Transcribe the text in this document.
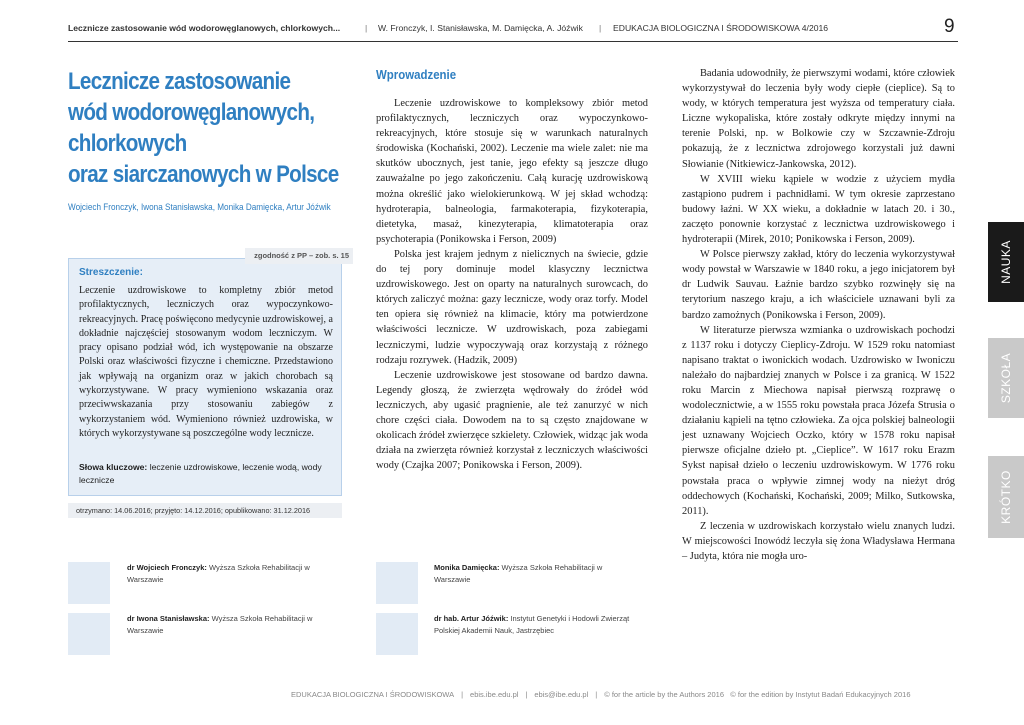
Lecznicze zastosowanie wód wodorowęglanowych, chlorkowych...	| W. Fronczyk, I. Stanisławska, M. Damięcka, A. Jóźwik | EDUKACJA BIOLOGICZNA I ŚRODOWISKOWA 4/2016	9
Lecznicze zastosowanie
wód wodorowęglanowych,
chlorkowych
oraz siarczanowych w Polsce
Wojciech Fronczyk, Iwona Stanisławska, Monika Damięcka, Artur Jóźwik
Streszczenie:
Leczenie uzdrowiskowe to kompletny zbiór metod profilaktycznych, leczniczych oraz wypoczynkowo-rekreacyjnych. Pracę poświęcono medycynie uzdrowiskowej, a dokładnie najczęściej stosowanym wodom leczniczym. W pracy opisano podział wód, ich występowanie na obszarze Polski oraz właściwości fizyczne i chemiczne. Przedstawiono jak wpływają na organizm oraz w jakich chorobach są wykorzystywane. W pracy wymieniono wskazania oraz przeciwwskazania przy stosowaniu zabiegów z wykorzystaniem wód. Wymieniono również uzdrowiska, w których wykorzystywane są poszczególne wody lecznicze.
Słowa kluczowe: leczenie uzdrowiskowe, leczenie wodą, wody lecznicze
zgodność z PP – zob. s. 15
otrzymano: 14.06.2016; przyjęto: 14.12.2016; opublikowano: 31.12.2016
dr Wojciech Fronczyk: Wyższa Szkoła Rehabilitacji w Warszawie
dr Iwona Stanisławska: Wyższa Szkoła Rehabilitacji w Warszawie
Monika Damięcka: Wyższa Szkoła Rehabilitacji w Warszawie
dr hab. Artur Jóźwik: Instytut Genetyki i Hodowli Zwierząt Polskiej Akademii Nauk, Jastrzębiec
Wprowadzenie

Leczenie uzdrowiskowe to kompleksowy zbiór metod profilaktycznych, leczniczych oraz wypoczynkowo-rekreacyjnych, które stosuje się w warunkach naturalnych środowiska (Kochański, 2002). Leczenie ma wiele zalet: nie ma skutków ubocznych, jest tanie, jego efekty są jeszcze długo zauważalne po jego zakończeniu. Całą kurację uzdrowiskową można określić jako wielokierunkową. W jej skład wchodzą: hydroterapia, balneologia, farmakoterapia, fizykoterapia, dietetyka, masaż, kinezyterapia, klimatoterapia oraz psychoterapia (Ponikowska i Ferson, 2009)

Polska jest krajem jednym z nielicznych na świecie, gdzie do tej pory dominuje model klasyczny lecznictwa uzdrowiskowego. Jest on oparty na naturalnych surowcach, do których zaliczyć można: gazy lecznicze, wody oraz torfy. Model ten opiera się również na klimacie, który ma potwierdzone właściwości lecznicze. W uzdrowiskach, poza zabiegami leczniczymi, ludzie wypoczywają oraz korzystają z różnego rodzaju rozrywek. (Hadzik, 2009)

Leczenie uzdrowiskowe jest stosowane od bardzo dawna. Legendy głoszą, że zwierzęta wędrowały do źródeł wód leczniczych, aby ugasić pragnienie, ale też zanurzyć w nich chore części ciała. Dowodem na to są często znajdowane w okolicach źródeł zwierzęce szkielety. Człowiek, widząc jak woda działa na zwierzęta również korzystał z leczniczych właściwości wody (Czajka 2007; Ponikowska i Ferson, 2009).

Badania udowodniły, że pierwszymi wodami, które człowiek wykorzystywał do leczenia były wody ciepłe (cieplice). Są to wody, w których temperatura jest wyższa od temperatury ciała. Liczne wykopaliska, które zostały odkryte między innymi na terenie Polski, np. w Bolkowie czy w Szczawnie-Zdroju pokazują, że z lecznictwa zdrojowego korzystali już dawni Słowianie (Nitkiewicz-Jankowska, 2012).

W XVIII wieku kąpiele w wodzie z użyciem mydła zastąpiono pudrem i pachnidłami. W tym okresie zaprzestano budowy łaźni. W XX wieku, a dokładnie w latach 20. i 30., zaczęto ponownie korzystać z lecznictwa uzdrowiskowego i hydroterapii (Mirek, 2010; Ponikowska i Ferson, 2009).

W Polsce pierwszy zakład, który do leczenia wykorzystywał wody powstał w Warszawie w 1840 roku, a jego inicjatorem był dr Ludwik Sauvau. Łaźnie bardzo szybko rozwinęły się na terytorium naszego kraju, a ich właściciele uznawani byli za bardzo zamożnych (Ponikowska i Ferson, 2009).

W literaturze pierwsza wzmianka o uzdrowiskach pochodzi z 1137 roku i dotyczy Cieplicy-Zdroju. W 1529 roku natomiast napisano traktat o iwonickich wodach. Uzdrowisko w Iwoniczu należało do najbardziej znanych w Polsce i za granicą. W 1522 roku Marcin z Miechowa napisał pierwszą rozprawę o wodolecznictwie, a w 1555 roku powstała praca Józefa Strusia o działaniu kąpieli na tętno człowieka. Za ojca polskiej balneologii jest uznawany Wojciech Oczko, który w 1578 roku napisał pierwsze oficjalne dzieło pt. „Cieplice”. W 1617 roku Erazm Sykst napisał dzieło o leczeniu uzdrowiskowym. W 1776 roku powstała praca o wpływie zimnej wody na nieżyt dróg oddechowych (Kochański, Kochański, 2009; Milko, Sutkowska, 2011).

Z leczenia w uzdrowiskach korzystało wielu znanych ludzi. W miejscowości Inowódź leczyła się żona Władysława Hermana – Judyta, która nie mogła uro-

NAUKA
SZKOŁA
KRÓTKO
EDUKACJA BIOLOGICZNA I ŚRODOWISKOWA | ebis.ibe.edu.pl | ebis@ibe.edu.pl | © for the article by the Authors 2016 © for the edition by Instytut Badań Edukacyjnych 2016
